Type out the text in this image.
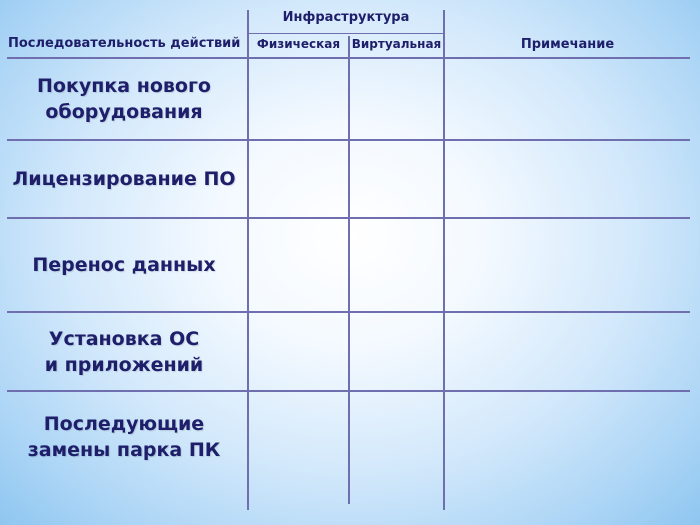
Последовательность действий
Инфраструктура
Физическая Виртуальная	Примечание
Покупка нового
оборудования
Лицензирование ПО
Перенос данных
Установка ОС
и приложений
Последующие
замены парка ПК
